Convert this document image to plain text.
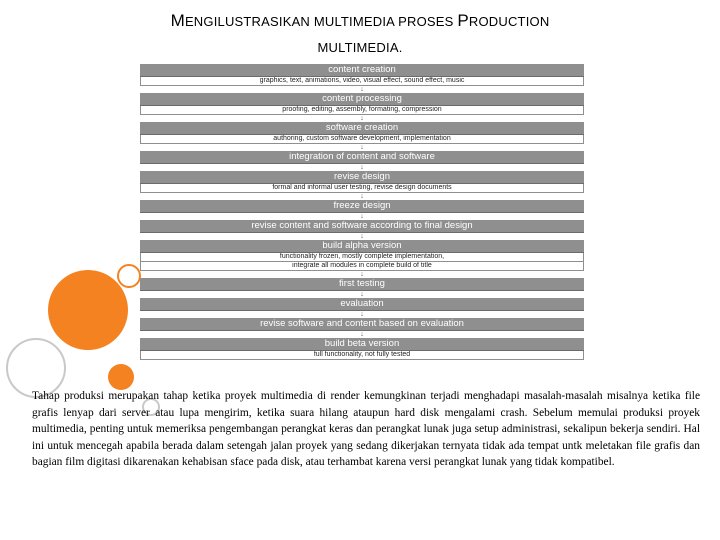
MENGILUSTRASIKAN MULTIMEDIA PROSES PRODUCTION
MULTIMEDIA.
content creation
graphics, text, animations, video, visual effect, sound effect, music
↓
content processing
proofing, editing, assembly, formating, compression
↓
software creation
authoring, custom software development, implementation
↓
integration of content and software
↓
revise design
formal and informal user testing, revise design documents
↓
freeze design
↓
revise content and software according to final design
↓
build alpha version
functionality frozen, mostly complete implementation,
integrate all modules in complete build of title
↓
first testing
↓
evaluation
↓
revise software and content based on evaluation
↓
build beta version
full functionality, not fully tested
Tahap produksi merupakan tahap ketika proyek multimedia di render kemungkinan terjadi menghadapi masalah-masalah misalnya ketika file grafis lenyap dari server atau lupa mengirim, ketika suara hilang ataupun hard disk mengalami crash. Sebelum memulai produksi proyek multimedia, penting untuk memeriksa pengembangan perangkat keras dan perangkat lunak juga setup administrasi, sekalipun bekerja sendiri. Hal ini untuk mencegah apabila berada dalam setengah jalan proyek yang sedang dikerjakan ternyata tidak ada tempat untk meletakan file grafis dan bagian film digitasi dikarenakan kehabisan sface pada disk, atau terhambat karena versi perangkat lunak yang tidak kompatibel.
